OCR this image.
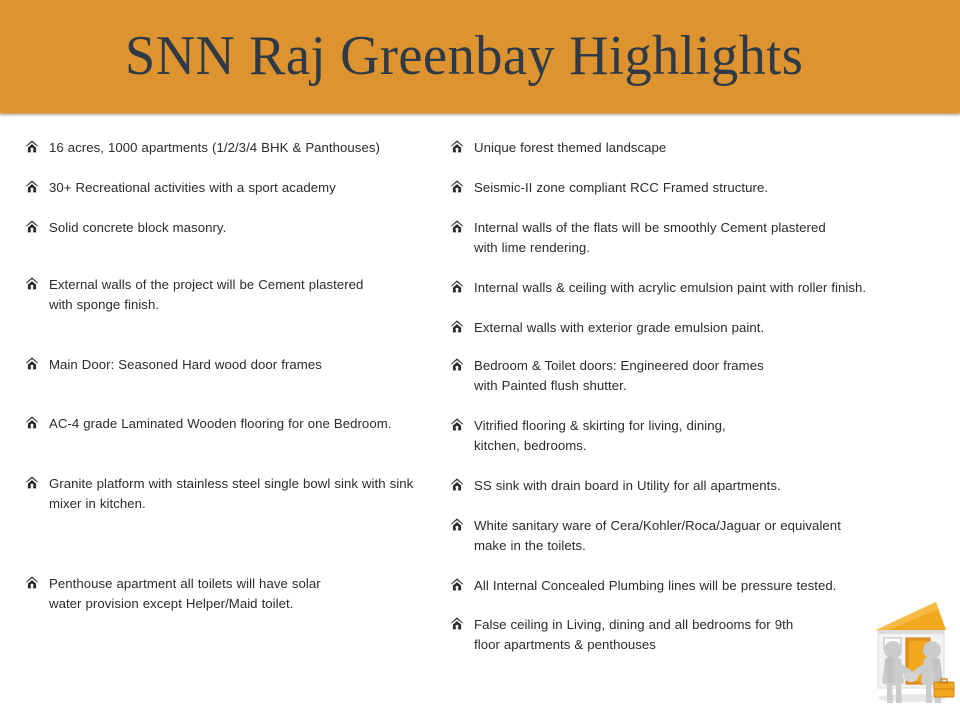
SNN Raj Greenbay Highlights
16 acres, 1000 apartments (1/2/3/4 BHK & Panthouses)
30+ Recreational activities with a sport academy
Solid concrete block masonry.
External walls of the project will be Cement plastered with sponge finish.
Main Door: Seasoned Hard wood door frames
AC-4 grade Laminated Wooden flooring for one Bedroom.
Granite platform with stainless steel single bowl sink with sink mixer in kitchen.
Penthouse apartment all toilets will have solar water provision except Helper/Maid toilet.
Unique forest themed landscape
Seismic-II zone compliant RCC Framed structure.
Internal walls of the flats will be smoothly Cement plastered with lime rendering.
Internal walls & ceiling with acrylic emulsion paint with roller finish.
External walls with exterior grade emulsion paint.
Bedroom & Toilet doors: Engineered door frames with Painted flush shutter.
Vitrified flooring & skirting for living, dining, kitchen, bedrooms.
SS sink with drain board in Utility for all apartments.
White sanitary ware of Cera/Kohler/Roca/Jaguar or equivalent make in the toilets.
All Internal Concealed Plumbing lines will be pressure tested.
False ceiling in Living, dining and all bedrooms for 9th floor apartments & penthouses
